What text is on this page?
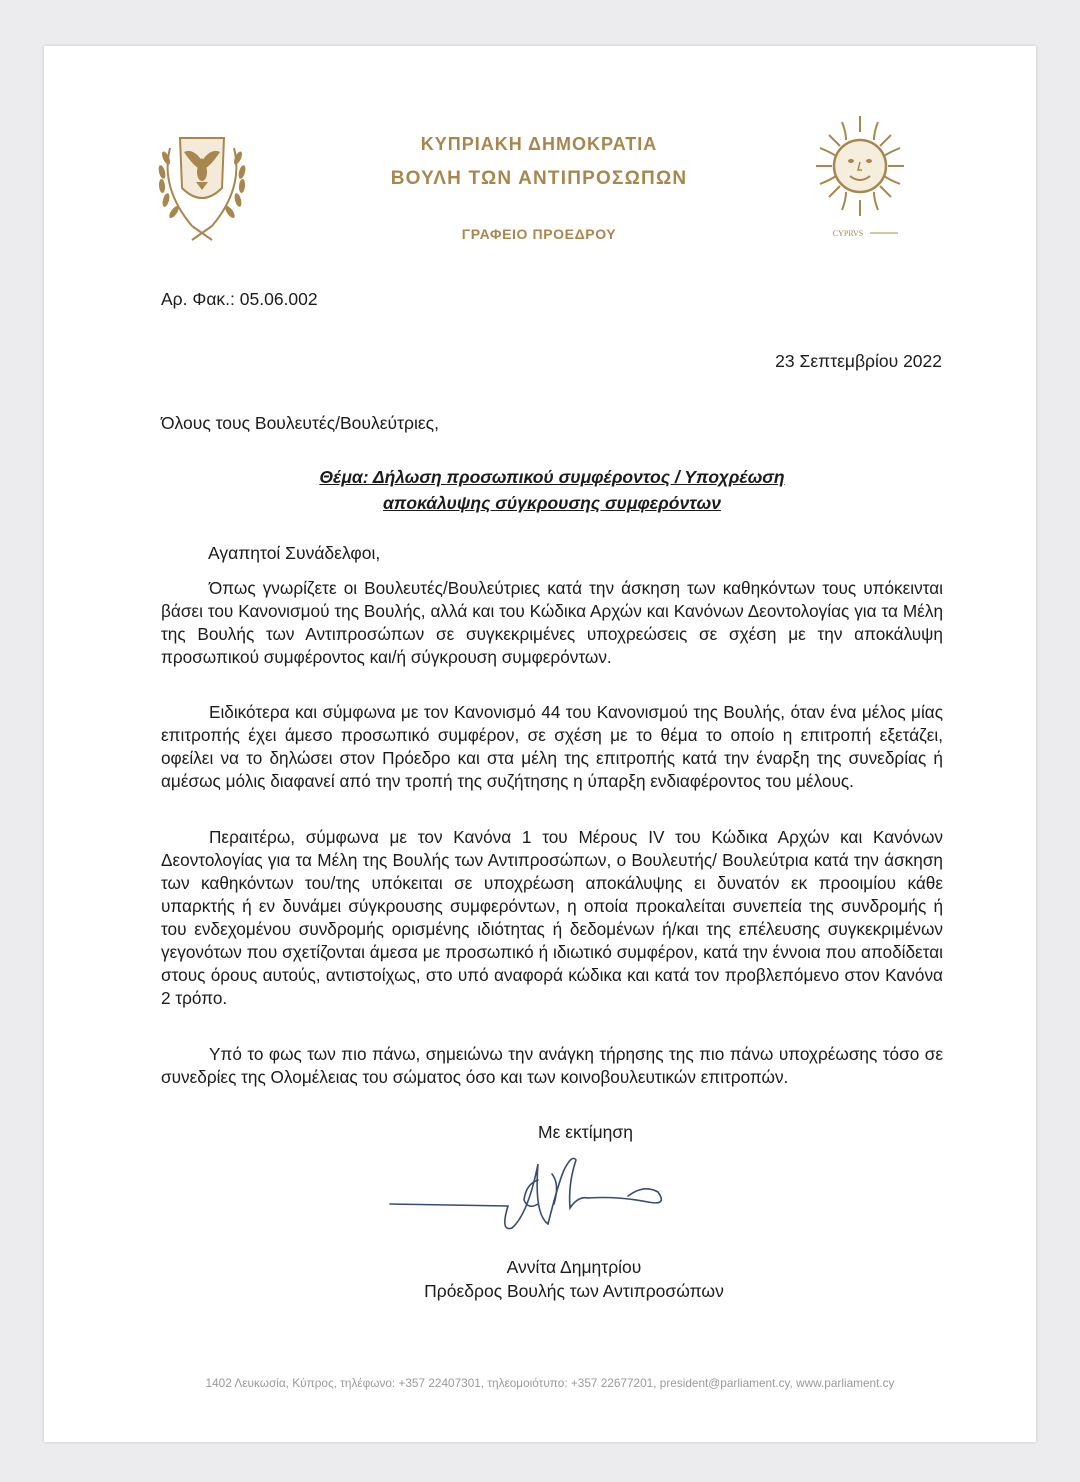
ΚΥΠΡΙΑΚΗ ΔΗΜΟΚΡΑΤΙΑ
ΒΟΥΛΗ ΤΩΝ ΑΝΤΙΠΡΟΣΩΠΩΝ
ΓΡΑΦΕΙΟ ΠΡΟΕΔΡΟΥ	CYPRVS
Αρ. Φακ.: 05.06.002
23 Σεπτεμβρίου 2022
Όλους τους Βουλευτές/Βουλεύτριες,
Θέμα: Δήλωση προσωπικού συμφέροντος / Υποχρέωση
αποκάλυψης σύγκρουσης συμφερόντων
Αγαπητοί Συνάδελφοι,
Όπως γνωρίζετε οι Βουλευτές/Βουλεύτριες κατά την άσκηση των καθηκόντων τους υπόκεινται βάσει του Κανονισμού της Βουλής, αλλά και του Κώδικα Αρχών και Κανόνων Δεοντολογίας για τα Μέλη της Βουλής των Αντιπροσώπων σε συγκεκριμένες υποχρεώσεις σε σχέση με την αποκάλυψη προσωπικού συμφέροντος και/ή σύγκρουση συμφερόντων.
Ειδικότερα και σύμφωνα με τον Κανονισμό 44 του Κανονισμού της Βουλής, όταν ένα μέλος μίας επιτροπής έχει άμεσο προσωπικό συμφέρον, σε σχέση με το θέμα το οποίο η επιτροπή εξετάζει, οφείλει να το δηλώσει στον Πρόεδρο και στα μέλη της επιτροπής κατά την έναρξη της συνεδρίας ή αμέσως μόλις διαφανεί από την τροπή της συζήτησης η ύπαρξη ενδιαφέροντος του μέλους.
Περαιτέρω, σύμφωνα με τον Κανόνα 1 του Μέρους IV του Κώδικα Αρχών και Κανόνων Δεοντολογίας για τα Μέλη της Βουλής των Αντιπροσώπων, ο Βουλευτής/ Βουλεύτρια κατά την άσκηση των καθηκόντων του/της υπόκειται σε υποχρέωση αποκάλυψης ει δυνατόν εκ προοιμίου κάθε υπαρκτής ή εν δυνάμει σύγκρουσης συμφερόντων, η οποία προκαλείται συνεπεία της συνδρομής ή του ενδεχομένου συνδρομής ορισμένης ιδιότητας ή δεδομένων ή/και της επέλευσης συγκεκριμένων γεγονότων που σχετίζονται άμεσα με προσωπικό ή ιδιωτικό συμφέρον, κατά την έννοια που αποδίδεται στους όρους αυτούς, αντιστοίχως, στο υπό αναφορά κώδικα και κατά τον προβλεπόμενο στον Κανόνα 2 τρόπο.
Υπό το φως των πιο πάνω, σημειώνω την ανάγκη τήρησης της πιο πάνω υποχρέωσης τόσο σε συνεδρίες της Ολομέλειας του σώματος όσο και των κοινοβουλευτικών επιτροπών.
Με εκτίμηση
Αννίτα Δημητρίου
Πρόεδρος Βουλής των Αντιπροσώπων
1402 Λευκωσία, Κύπρος, τηλέφωνο: +357 22407301, τηλεομοιότυπο: +357 22677201, president@parliament.cy, www.parliament.cy
